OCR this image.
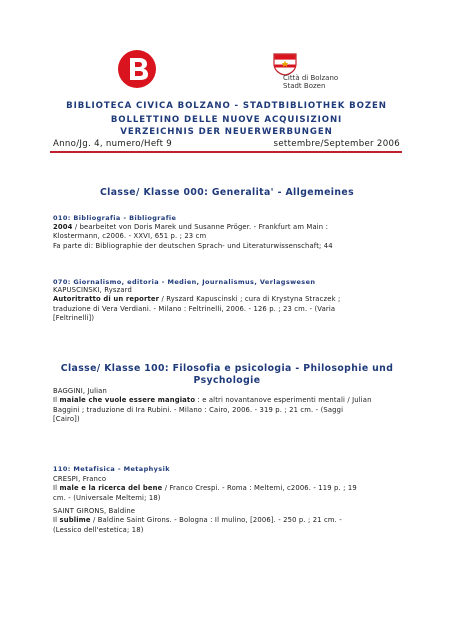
Città di Bolzano
Stadt Bozen
BIBLIOTECA CIVICA BOLZANO - STADTBIBLIOTHEK BOZEN
BOLLETTINO DELLE NUOVE ACQUISIZIONI
VERZEICHNIS DER NEUERWERBUNGEN
Anno/Jg. 4, numero/Heft 9	settembre/September 2006
Classe/ Klasse 000: Generalita' - Allgemeines
010: Bibliografia - Bibliografie
2004 / bearbeitet von Doris Marek und Susanne Pröger. - Frankfurt am Main :
Klostermann, c2006. - XXVI, 651 p. ; 23 cm
Fa parte di: Bibliographie der deutschen Sprach- und Literaturwissenschaft; 44
070: Giornalismo, editoria - Medien, Journalismus, Verlagswesen
KAPUSCINSKI, Ryszard
Autoritratto di un reporter / Ryszard Kapuscinski ; cura di Krystyna Straczek ;
traduzione di Vera Verdiani. - Milano : Feltrinelli, 2006. - 126 p. ; 23 cm. - (Varia
[Feltrinelli])
Classe/ Klasse 100: Filosofia e psicologia - Philosophie und Psychologie
BAGGINI, Julian
Il maiale che vuole essere mangiato : e altri novantanove esperimenti mentali / Julian
Baggini ; traduzione di Ira Rubini. - Milano : Cairo, 2006. - 319 p. ; 21 cm. - (Saggi
[Cairo])
110: Metafisica - Metaphysik
CRESPI, Franco
Il male e la ricerca del bene / Franco Crespi. - Roma : Meltemi, c2006. - 119 p. ; 19
cm. - (Universale Meltemi; 18)
SAINT GIRONS, Baldine
Il sublime / Baldine Saint Girons. - Bologna : Il mulino, [2006]. - 250 p. ; 21 cm. -
(Lessico dell'estetica; 18)
